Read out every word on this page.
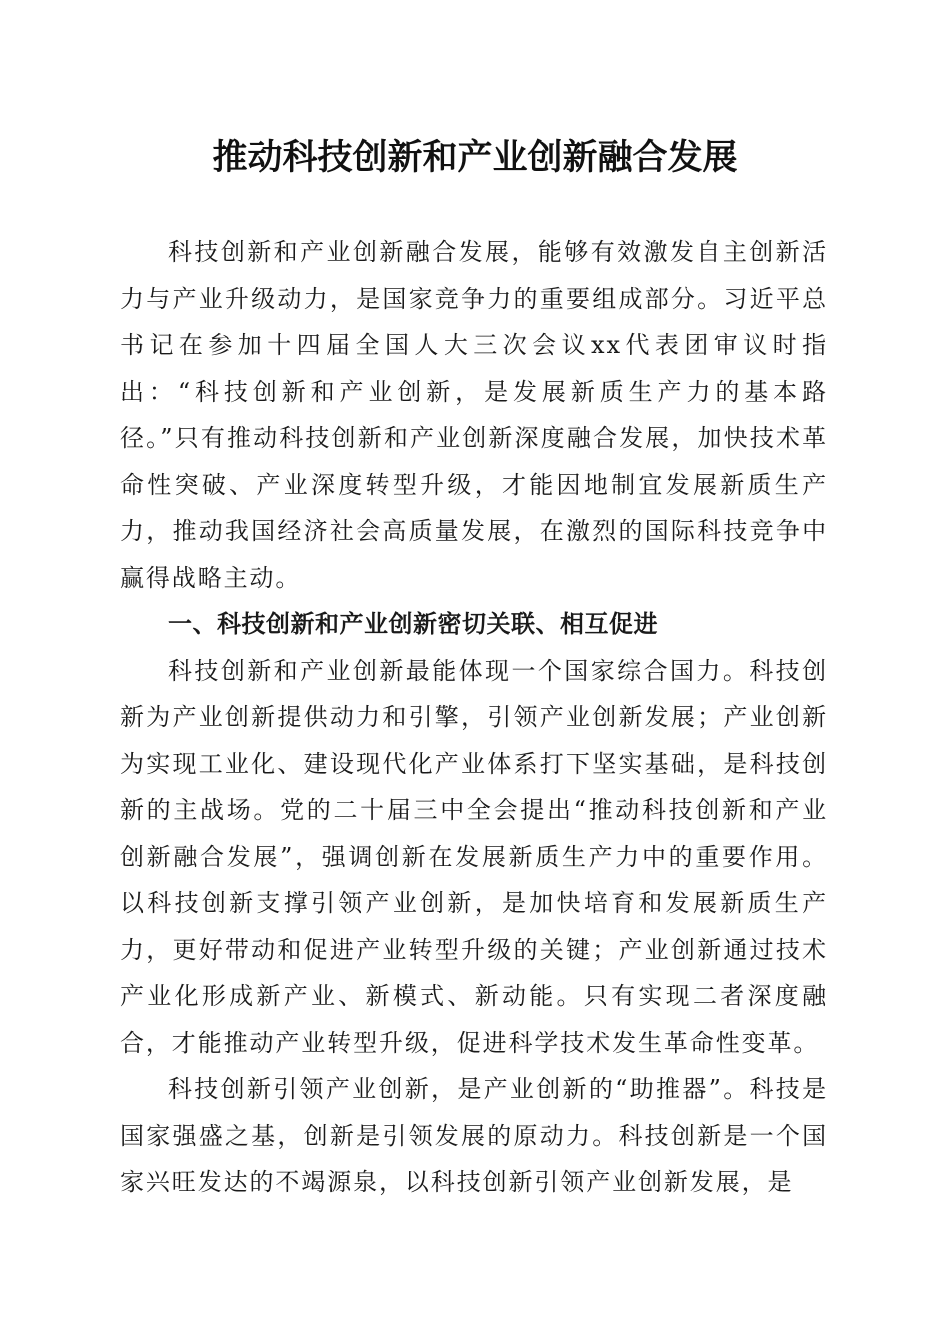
推动科技创新和产业创新融合发展

科技创新和产业创新融合发展，能够有效激发自主创新活力与产业升级动力，是国家竞争力的重要组成部分。习近平总书记在参加十四届全国人大三次会议xx代表团审议时指出：“科技创新和产业创新，是发展新质生产力的基本路径。”只有推动科技创新和产业创新深度融合发展，加快技术革命性突破、产业深度转型升级，才能因地制宜发展新质生产力，推动我国经济社会高质量发展，在激烈的国际科技竞争中赢得战略主动。

一、科技创新和产业创新密切关联、相互促进

科技创新和产业创新最能体现一个国家综合国力。科技创新为产业创新提供动力和引擎，引领产业创新发展；产业创新为实现工业化、建设现代化产业体系打下坚实基础，是科技创新的主战场。党的二十届三中全会提出“推动科技创新和产业创新融合发展”，强调创新在发展新质生产力中的重要作用。以科技创新支撑引领产业创新，是加快培育和发展新质生产力，更好带动和促进产业转型升级的关键；产业创新通过技术产业化形成新产业、新模式、新动能。只有实现二者深度融合，才能推动产业转型升级，促进科学技术发生革命性变革。

科技创新引领产业创新，是产业创新的“助推器”。科技是国家强盛之基，创新是引领发展的原动力。科技创新是一个国家兴旺发达的不竭源泉，以科技创新引领产业创新发展，是
